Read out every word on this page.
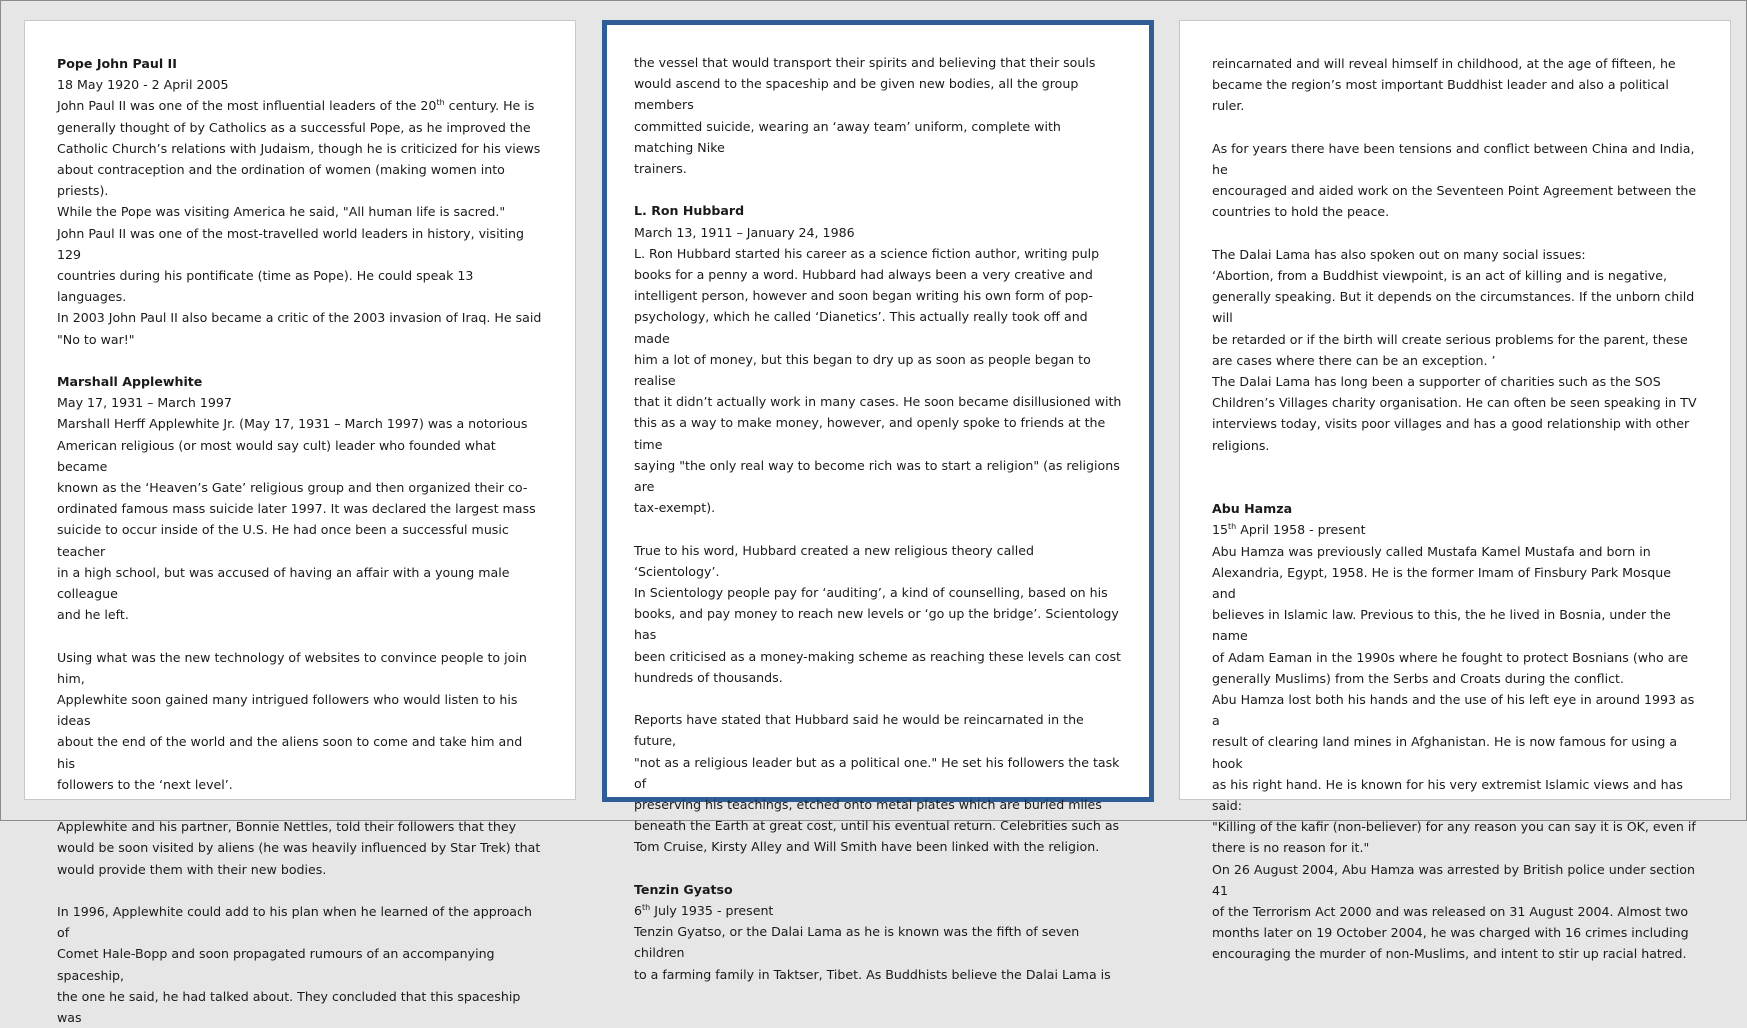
Pope John Paul II

18 May 1920 - 2 April 2005

John Paul II was one of the most influential leaders of the 20th century. He is

generally thought of by Catholics as a successful Pope, as he improved the

Catholic Church’s relations with Judaism, though he is criticized for his views

about contraception and the ordination of women (making women into priests).

While the Pope was visiting America he said, "All human life is sacred."

John Paul II was one of the most-travelled world leaders in history, visiting 129

countries during his pontificate (time as Pope). He could speak 13 languages.

In 2003 John Paul II also became a critic of the 2003 invasion of Iraq. He said

"No to war!"

Marshall Applewhite

May 17, 1931 – March 1997

Marshall Herff Applewhite Jr. (May 17, 1931 – March 1997) was a notorious

American religious (or most would say cult) leader who founded what became

known as the ‘Heaven’s Gate’ religious group and then organized their co-

ordinated famous mass suicide later 1997. It was declared the largest mass

suicide to occur inside of the U.S. He had once been a successful music teacher

in a high school, but was accused of having an affair with a young male colleague

and he left.

Using what was the new technology of websites to convince people to join him,

Applewhite soon gained many intrigued followers who would listen to his ideas

about the end of the world and the aliens soon to come and take him and his

followers to the ‘next level’.

Applewhite and his partner, Bonnie Nettles, told their followers that they

would be soon visited by aliens (he was heavily influenced by Star Trek) that

would provide them with their new bodies.

In 1996, Applewhite could add to his plan when he learned of the approach of

Comet Hale-Bopp and soon propagated rumours of an accompanying spaceship,

the one he said, he had talked about. They concluded that this spaceship was

the vessel that would transport their spirits and believing that their souls

would ascend to the spaceship and be given new bodies, all the group members

committed suicide, wearing an ‘away team’ uniform, complete with matching Nike

trainers.

L. Ron Hubbard

March 13, 1911 – January 24, 1986

L. Ron Hubbard started his career as a science fiction author, writing pulp

books for a penny a word. Hubbard had always been a very creative and

intelligent person, however and soon began writing his own form of pop-

psychology, which he called ‘Dianetics’. This actually really took off and made

him a lot of money, but this began to dry up as soon as people began to realise

that it didn’t actually work in many cases. He soon became disillusioned with

this as a way to make money, however, and openly spoke to friends at the time

saying "the only real way to become rich was to start a religion" (as religions are

tax-exempt).

True to his word, Hubbard created a new religious theory called ‘Scientology’.

In Scientology people pay for ‘auditing’, a kind of counselling, based on his

books, and pay money to reach new levels or ‘go up the bridge’. Scientology has

been criticised as a money-making scheme as reaching these levels can cost

hundreds of thousands.

Reports have stated that Hubbard said he would be reincarnated in the future,

"not as a religious leader but as a political one." He set his followers the task of

preserving his teachings, etched onto metal plates which are buried miles

beneath the Earth at great cost, until his eventual return. Celebrities such as

Tom Cruise, Kirsty Alley and Will Smith have been linked with the religion.

Tenzin Gyatso

6th July 1935 - present

Tenzin Gyatso, or the Dalai Lama as he is known was the fifth of seven children

to a farming family in Taktser, Tibet. As Buddhists believe the Dalai Lama is

reincarnated and will reveal himself in childhood, at the age of fifteen, he

became the region’s most important Buddhist leader and also a political ruler.

As for years there have been tensions and conflict between China and India, he

encouraged and aided work on the Seventeen Point Agreement between the

countries to hold the peace.

The Dalai Lama has also spoken out on many social issues:

‘Abortion, from a Buddhist viewpoint, is an act of killing and is negative,

generally speaking. But it depends on the circumstances. If the unborn child will

be retarded or if the birth will create serious problems for the parent, these

are cases where there can be an exception. ’

The Dalai Lama has long been a supporter of charities such as the SOS

Children’s Villages charity organisation. He can often be seen speaking in TV

interviews today, visits poor villages and has a good relationship with other

religions.

Abu Hamza

15th April 1958 - present

Abu Hamza was previously called Mustafa Kamel Mustafa and born in

Alexandria, Egypt, 1958. He is the former Imam of Finsbury Park Mosque and

believes in Islamic law. Previous to this, the he lived in Bosnia, under the name

of Adam Eaman in the 1990s where he fought to protect Bosnians (who are

generally Muslims) from the Serbs and Croats during the conflict.

Abu Hamza lost both his hands and the use of his left eye in around 1993 as a

result of clearing land mines in Afghanistan. He is now famous for using a hook

as his right hand. He is known for his very extremist Islamic views and has said:

"Killing of the kafir (non-believer) for any reason you can say it is OK, even if

there is no reason for it."

On 26 August 2004, Abu Hamza was arrested by British police under section 41

of the Terrorism Act 2000 and was released on 31 August 2004. Almost two

months later on 19 October 2004, he was charged with 16 crimes including

encouraging the murder of non-Muslims, and intent to stir up racial hatred.
